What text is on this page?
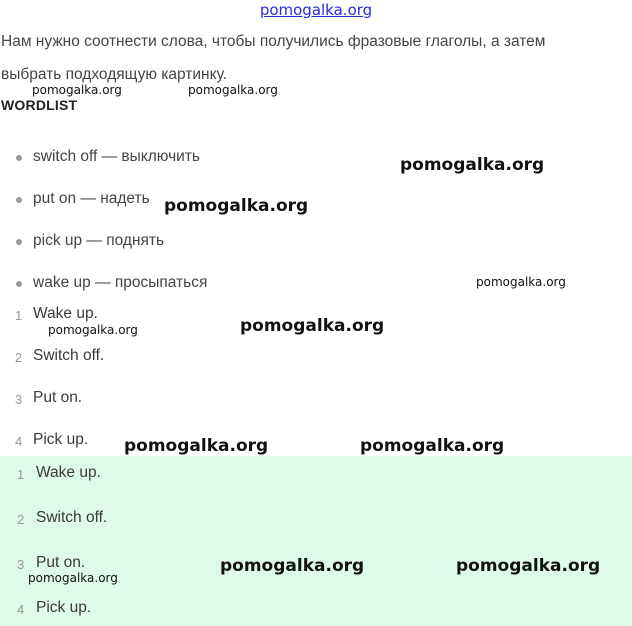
pomogalka.org
Нам нужно соотнести слова, чтобы получились фразовые глаголы, а затем
выбрать подходящую картинку.
WORDLIST
switch off — выключить
put on — надеть
pick up — поднять
wake up — просыпаться
1 Wake up.
2 Switch off.
3 Put on.
4 Pick up.
1 Wake up.
2 Switch off.
3 Put on.
4 Pick up.
pomogalka.org	pomogalka.org
pomogalka.org
pomogalka.org
pomogalka.org
pomogalka.org
pomogalka.org
pomogalka.org	pomogalka.org
pomogalka.org	pomogalka.org
pomogalka.org
